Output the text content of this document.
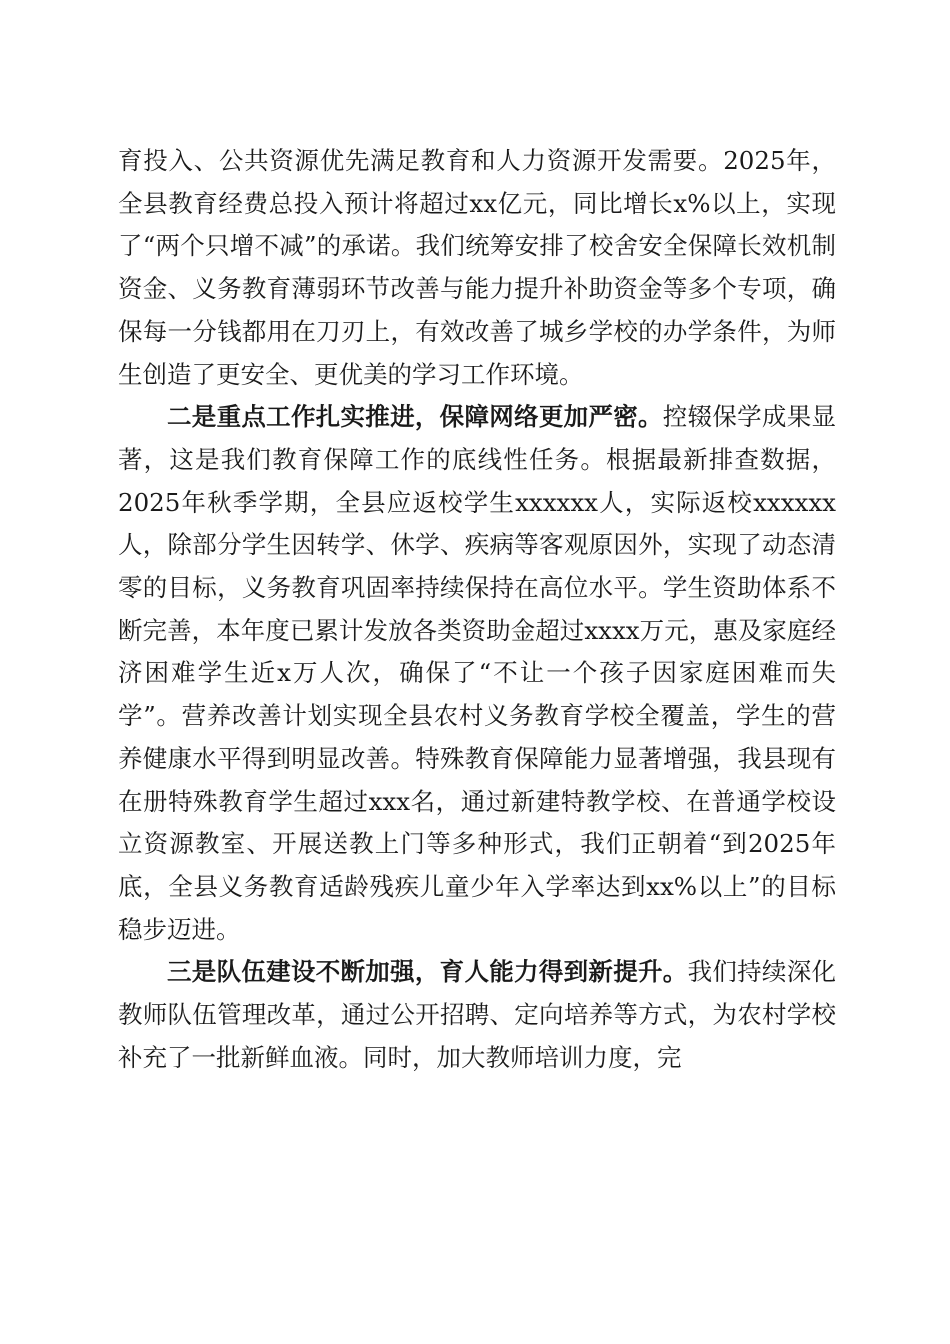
育投入、公共资源优先满足教育和人力资源开发需要。2025年，全县教育经费总投入预计将超过xx亿元，同比增长x%以上，实现了“两个只增不减”的承诺。我们统筹安排了校舍安全保障长效机制资金、义务教育薄弱环节改善与能力提升补助资金等多个专项，确保每一分钱都用在刀刃上，有效改善了城乡学校的办学条件，为师生创造了更安全、更优美的学习工作环境。

二是重点工作扎实推进，保障网络更加严密。控辍保学成果显著，这是我们教育保障工作的底线性任务。根据最新排查数据，2025年秋季学期，全县应返校学生xxxxxx人，实际返校xxxxxx人，除部分学生因转学、休学、疾病等客观原因外，实现了动态清零的目标，义务教育巩固率持续保持在高位水平。学生资助体系不断完善，本年度已累计发放各类资助金超过xxxx万元，惠及家庭经济困难学生近x万人次，确保了“不让一个孩子因家庭困难而失学”。营养改善计划实现全县农村义务教育学校全覆盖，学生的营养健康水平得到明显改善。特殊教育保障能力显著增强，我县现有在册特殊教育学生超过xxx名，通过新建特教学校、在普通学校设立资源教室、开展送教上门等多种形式，我们正朝着“到2025年底，全县义务教育适龄残疾儿童少年入学率达到xx%以上”的目标稳步迈进。

三是队伍建设不断加强，育人能力得到新提升。我们持续深化教师队伍管理改革，通过公开招聘、定向培养等方式，为农村学校补充了一批新鲜血液。同时，加大教师培训力度，完
